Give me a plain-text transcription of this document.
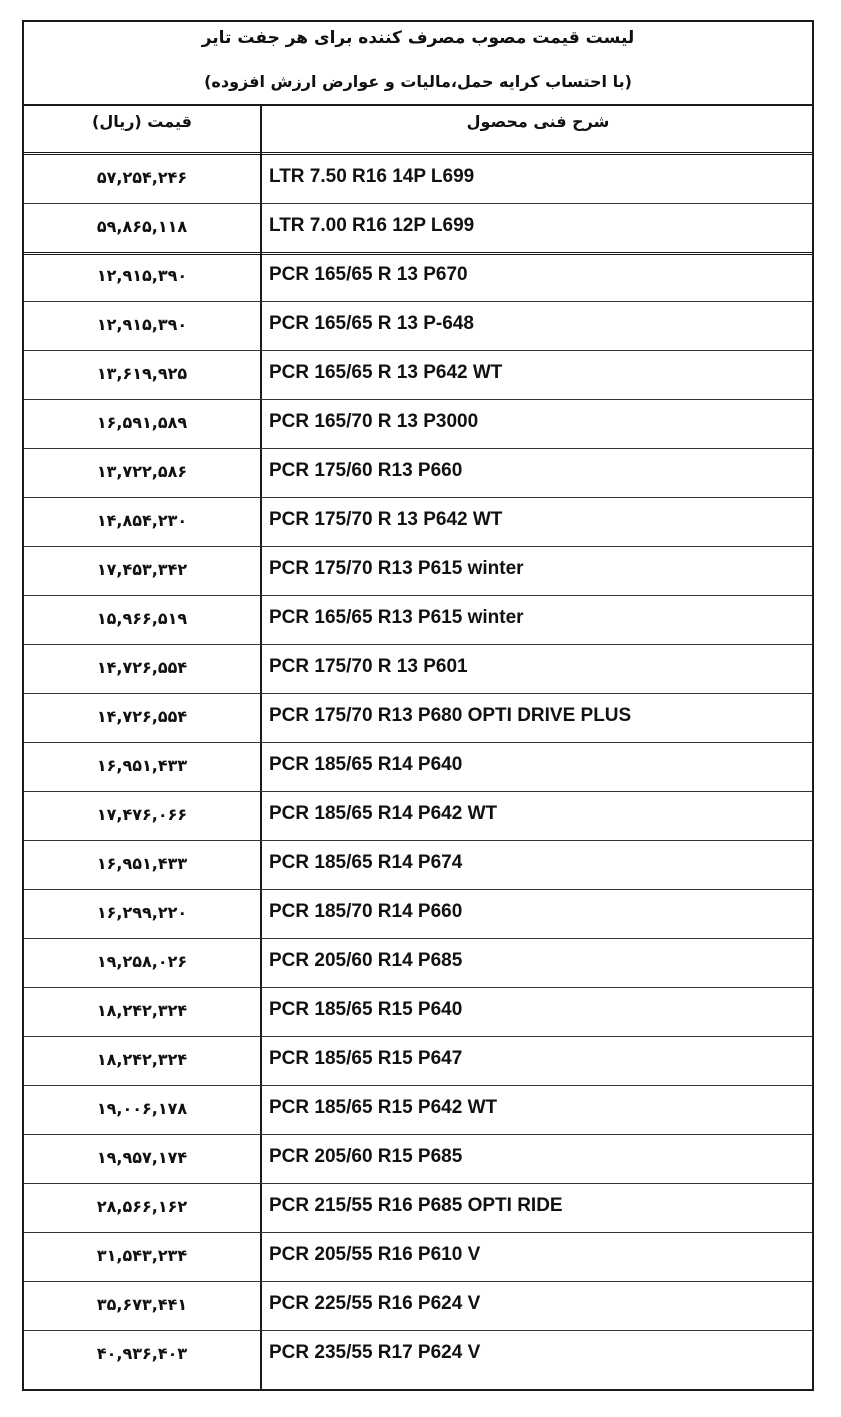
لیست قیمت مصوب مصرف کننده برای هر جفت تایر
(با احتساب کرایه حمل،مالیات و عوارض ارزش افزوده)
قیمت (ریال)	شرح فنی محصول
۵۷,۲۵۴,۲۴۶	LTR 7.50 R16 14P L699
۵۹,۸۶۵,۱۱۸	LTR 7.00 R16 12P L699
۱۲,۹۱۵,۳۹۰	PCR 165/65 R 13 P670
۱۲,۹۱۵,۳۹۰	PCR 165/65 R 13 P-648
۱۳,۶۱۹,۹۲۵	PCR 165/65 R 13 P642 WT
۱۶,۵۹۱,۵۸۹	PCR 165/70 R 13 P3000
۱۳,۷۲۲,۵۸۶	PCR 175/60 R13 P660
۱۴,۸۵۴,۲۳۰	PCR 175/70 R 13 P642 WT
۱۷,۴۵۳,۳۴۲	PCR 175/70 R13 P615 winter
۱۵,۹۶۶,۵۱۹	PCR 165/65 R13 P615 winter
۱۴,۷۲۶,۵۵۴	PCR 175/70 R 13 P601
۱۴,۷۲۶,۵۵۴	PCR 175/70 R13 P680 OPTI DRIVE PLUS
۱۶,۹۵۱,۴۳۳	PCR 185/65 R14 P640
۱۷,۴۷۶,۰۶۶	PCR 185/65 R14 P642 WT
۱۶,۹۵۱,۴۳۳	PCR 185/65 R14 P674
۱۶,۲۹۹,۲۲۰	PCR 185/70 R14 P660
۱۹,۲۵۸,۰۲۶	PCR 205/60 R14 P685
۱۸,۲۴۲,۳۲۴	PCR 185/65 R15 P640
۱۸,۲۴۲,۳۲۴	PCR 185/65 R15 P647
۱۹,۰۰۶,۱۷۸	PCR 185/65 R15 P642 WT
۱۹,۹۵۷,۱۷۴	PCR 205/60 R15 P685
۲۸,۵۶۶,۱۶۲	PCR 215/55 R16 P685 OPTI RIDE
۳۱,۵۴۳,۲۳۴	PCR 205/55 R16 P610 V
۳۵,۶۷۳,۴۴۱	PCR 225/55 R16 P624 V
۴۰,۹۳۶,۴۰۳	PCR 235/55 R17 P624 V
